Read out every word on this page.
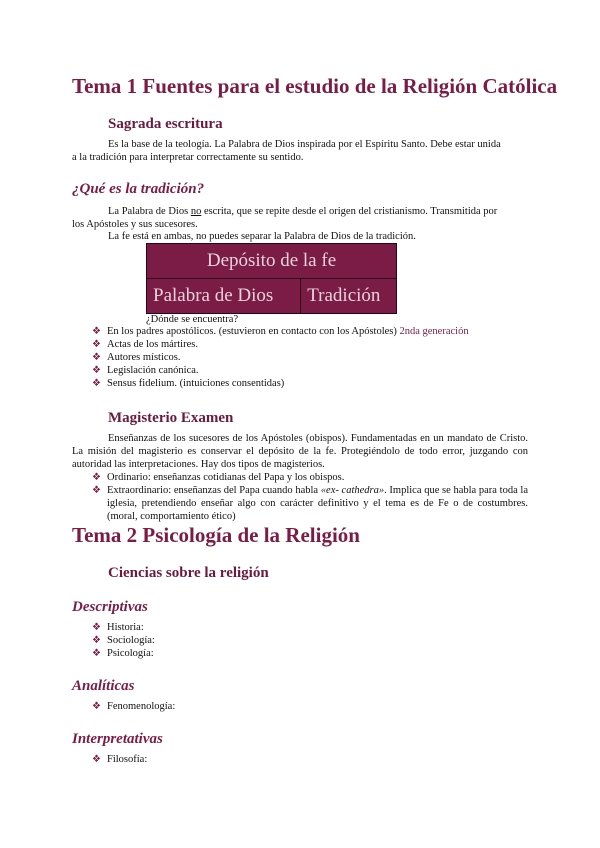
Tema 1 Fuentes para el estudio de la Religión Católica
Sagrada escritura
Es la base de la teología. La Palabra de Dios inspirada por el Espíritu Santo. Debe estar unida
a la tradición para interpretar correctamente su sentido.
¿Qué es la tradición?
La Palabra de Dios no escrita, que se repite desde el origen del cristianismo. Transmitida por
los Apóstoles y sus sucesores.
La fe está en ambas, no puedes separar la Palabra de Dios de la tradición.
Depósito de la fe
Palabra de Dios	Tradición
¿Dónde se encuentra?
❖ En los padres apostólicos. (estuvieron en contacto con los Apóstoles) 2nda generación
❖ Actas de los mártires.
❖ Autores místicos.
❖ Legislación canónica.
❖ Sensus fidelium. (intuiciones consentidas)
Magisterio Examen
Enseñanzas de los sucesores de los Apóstoles (obispos). Fundamentadas en un mandato de Cristo. La misión del magisterio es conservar el depósito de la fe. Protegiéndolo de todo error, juzgando con autoridad las interpretaciones. Hay dos tipos de magisterios.
❖ Ordinario: enseñanzas cotidianas del Papa y los obispos.
❖ Extraordinario: enseñanzas del Papa cuando habla «ex- cathedra». Implica que se habla para toda la iglesia, pretendiendo enseñar algo con carácter definitivo y el tema es de Fe o de costumbres. (moral, comportamiento ético)
Tema 2 Psicología de la Religión
Ciencias sobre la religión
Descriptivas
❖ Historia:
❖ Sociología:
❖ Psicología:
Analíticas
❖ Fenomenología:
Interpretativas
❖ Filosofía:
